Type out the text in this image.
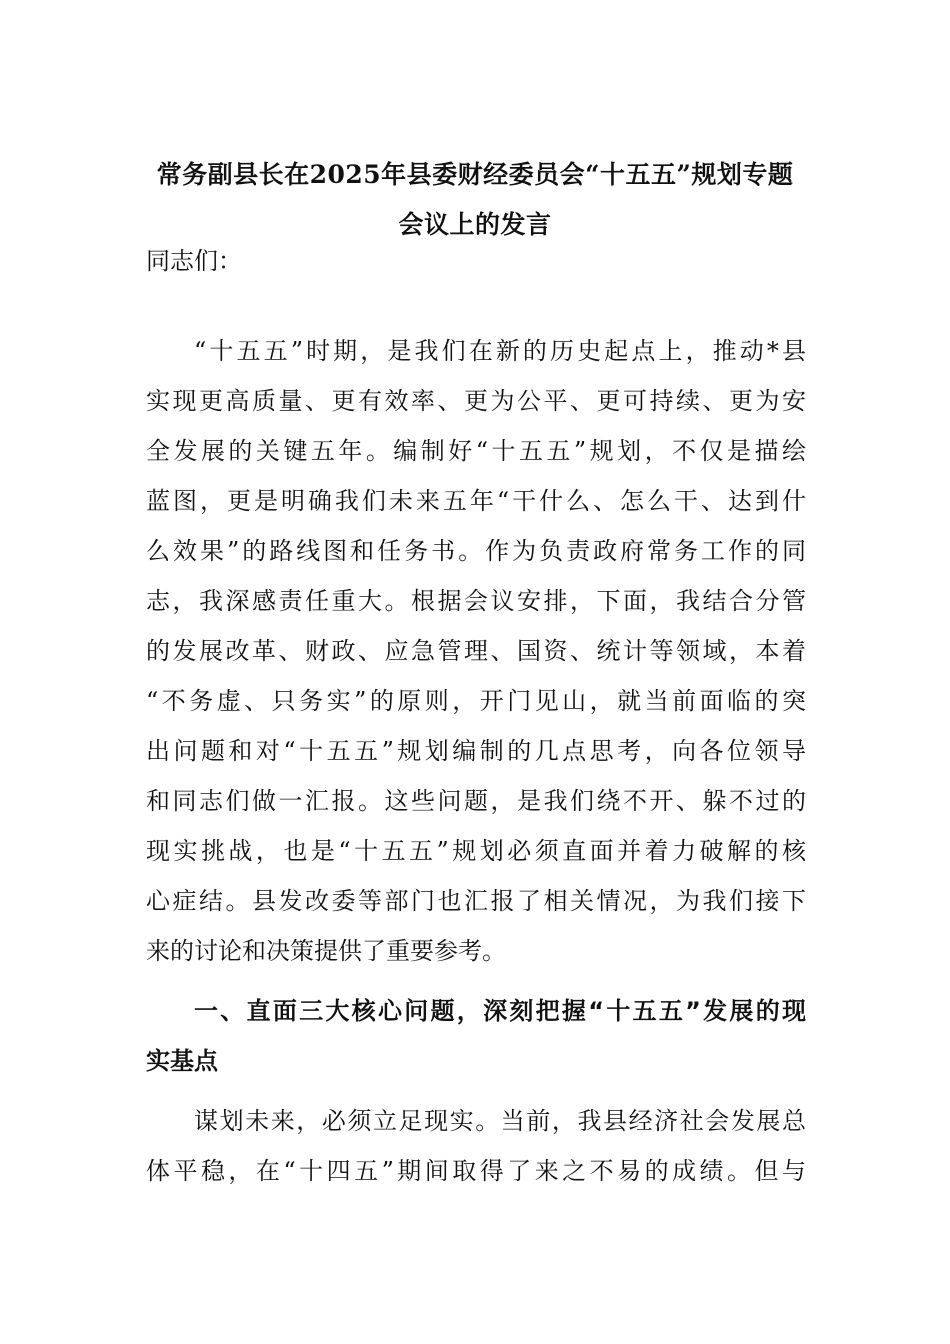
常务副县长在2025年县委财经委员会“十五五”规划专题
会议上的发言
同志们：
“十五五”时期，是我们在新的历史起点上，推动*县
实现更高质量、更有效率、更为公平、更可持续、更为安
全发展的关键五年。编制好“十五五”规划，不仅是描绘
蓝图，更是明确我们未来五年“干什么、怎么干、达到什
么效果”的路线图和任务书。作为负责政府常务工作的同
志，我深感责任重大。根据会议安排，下面，我结合分管
的发展改革、财政、应急管理、国资、统计等领域，本着
“不务虚、只务实”的原则，开门见山，就当前面临的突
出问题和对“十五五”规划编制的几点思考，向各位领导
和同志们做一汇报。这些问题，是我们绕不开、躲不过的
现实挑战，也是“十五五”规划必须直面并着力破解的核
心症结。县发改委等部门也汇报了相关情况，为我们接下
来的讨论和决策提供了重要参考。
一、直面三大核心问题，深刻把握“十五五”发展的现
实基点
谋划未来，必须立足现实。当前，我县经济社会发展总
体平稳，在“十四五”期间取得了来之不易的成绩。但与
